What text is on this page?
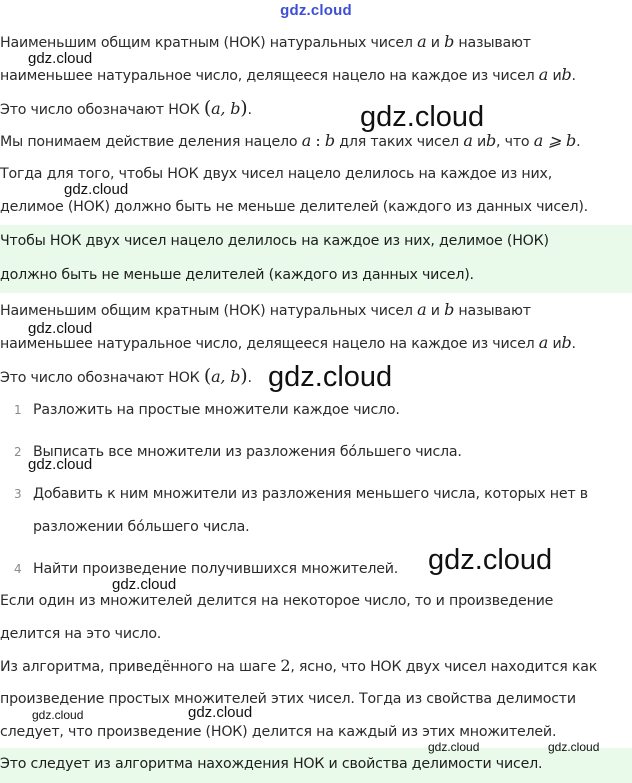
gdz.cloud
Наименьшим общим кратным (НОК) натуральных чисел a и b называют
наименьшее натуральное число, делящееся нацело на каждое из чисел a иb.
Это число обозначают НОК (a, b).
Мы понимаем действие деления нацело a : b для таких чисел a иb, что a ⩾ b.
Тогда для того, чтобы НОК двух чисел нацело делилось на каждое из них,
делимое (НОК) должно быть не меньше делителей (каждого из данных чисел).
Чтобы НОК двух чисел нацело делилось на каждое из них, делимое (НОК)
должно быть не меньше делителей (каждого из данных чисел).
Наименьшим общим кратным (НОК) натуральных чисел a и b называют
наименьшее натуральное число, делящееся нацело на каждое из чисел a иb.
Это число обозначают НОК (a, b).
1 Разложить на простые множители каждое число.
2 Выписать все множители из разложения бо́льшего числа.
3 Добавить к ним множители из разложения меньшего числа, которых нет в
разложении бо́льшего числа.
4 Найти произведение получившихся множителей.
Если один из множителей делится на некоторое число, то и произведение
делится на это число.
Из алгоритма, приведённого на шаге 2, ясно, что НОК двух чисел находится как
произведение простых множителей этих чисел. Тогда из свойства делимости
следует, что произведение (НОК) делится на каждый из этих множителей.
Это следует из алгоритма нахождения НОК и свойства делимости чисел.
gdz.cloud
gdz.cloud
gdz.cloud
gdz.cloud
gdz.cloud
gdz.cloud
gdz.cloud
gdz.cloud
gdz.cloud
gdz.cloud
gdz.cloud	gdz.cloud
